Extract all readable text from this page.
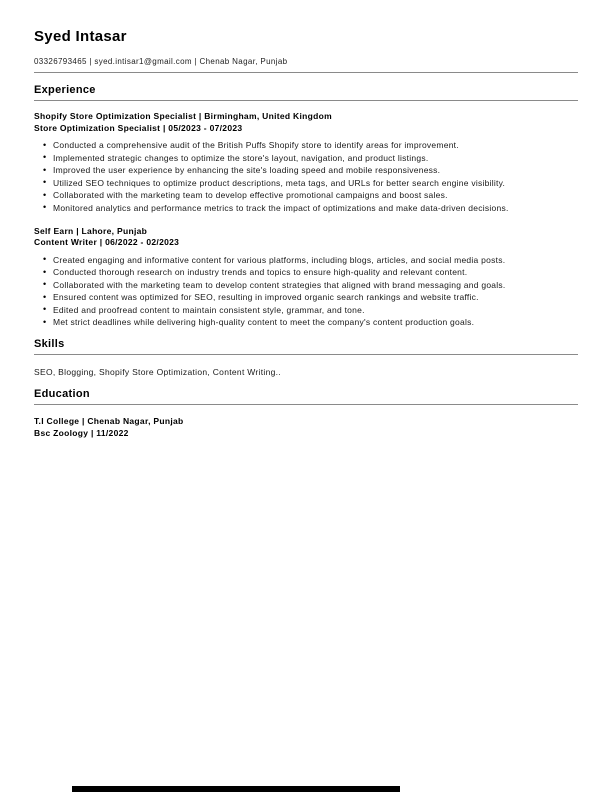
Syed Intasar
03326793465 | syed.intisar1@gmail.com | Chenab Nagar, Punjab
Experience
Shopify Store Optimization Specialist | Birmingham, United Kingdom
Store Optimization Specialist | 05/2023 - 07/2023
• Conducted a comprehensive audit of the British Puffs Shopify store to identify areas for improvement.
• Implemented strategic changes to optimize the store's layout, navigation, and product listings.
• Improved the user experience by enhancing the site's loading speed and mobile responsiveness.
• Utilized SEO techniques to optimize product descriptions, meta tags, and URLs for better search engine visibility.
• Collaborated with the marketing team to develop effective promotional campaigns and boost sales.
• Monitored analytics and performance metrics to track the impact of optimizations and make data-driven decisions.
Self Earn | Lahore, Punjab
Content Writer | 06/2022 - 02/2023
• Created engaging and informative content for various platforms, including blogs, articles, and social media posts.
• Conducted thorough research on industry trends and topics to ensure high-quality and relevant content.
• Collaborated with the marketing team to develop content strategies that aligned with brand messaging and goals.
• Ensured content was optimized for SEO, resulting in improved organic search rankings and website traffic.
• Edited and proofread content to maintain consistent style, grammar, and tone.
• Met strict deadlines while delivering high-quality content to meet the company's content production goals.
Skills
SEO, Blogging, Shopify Store Optimization, Content Writing..
Education
T.I College | Chenab Nagar, Punjab
Bsc Zoology | 11/2022
